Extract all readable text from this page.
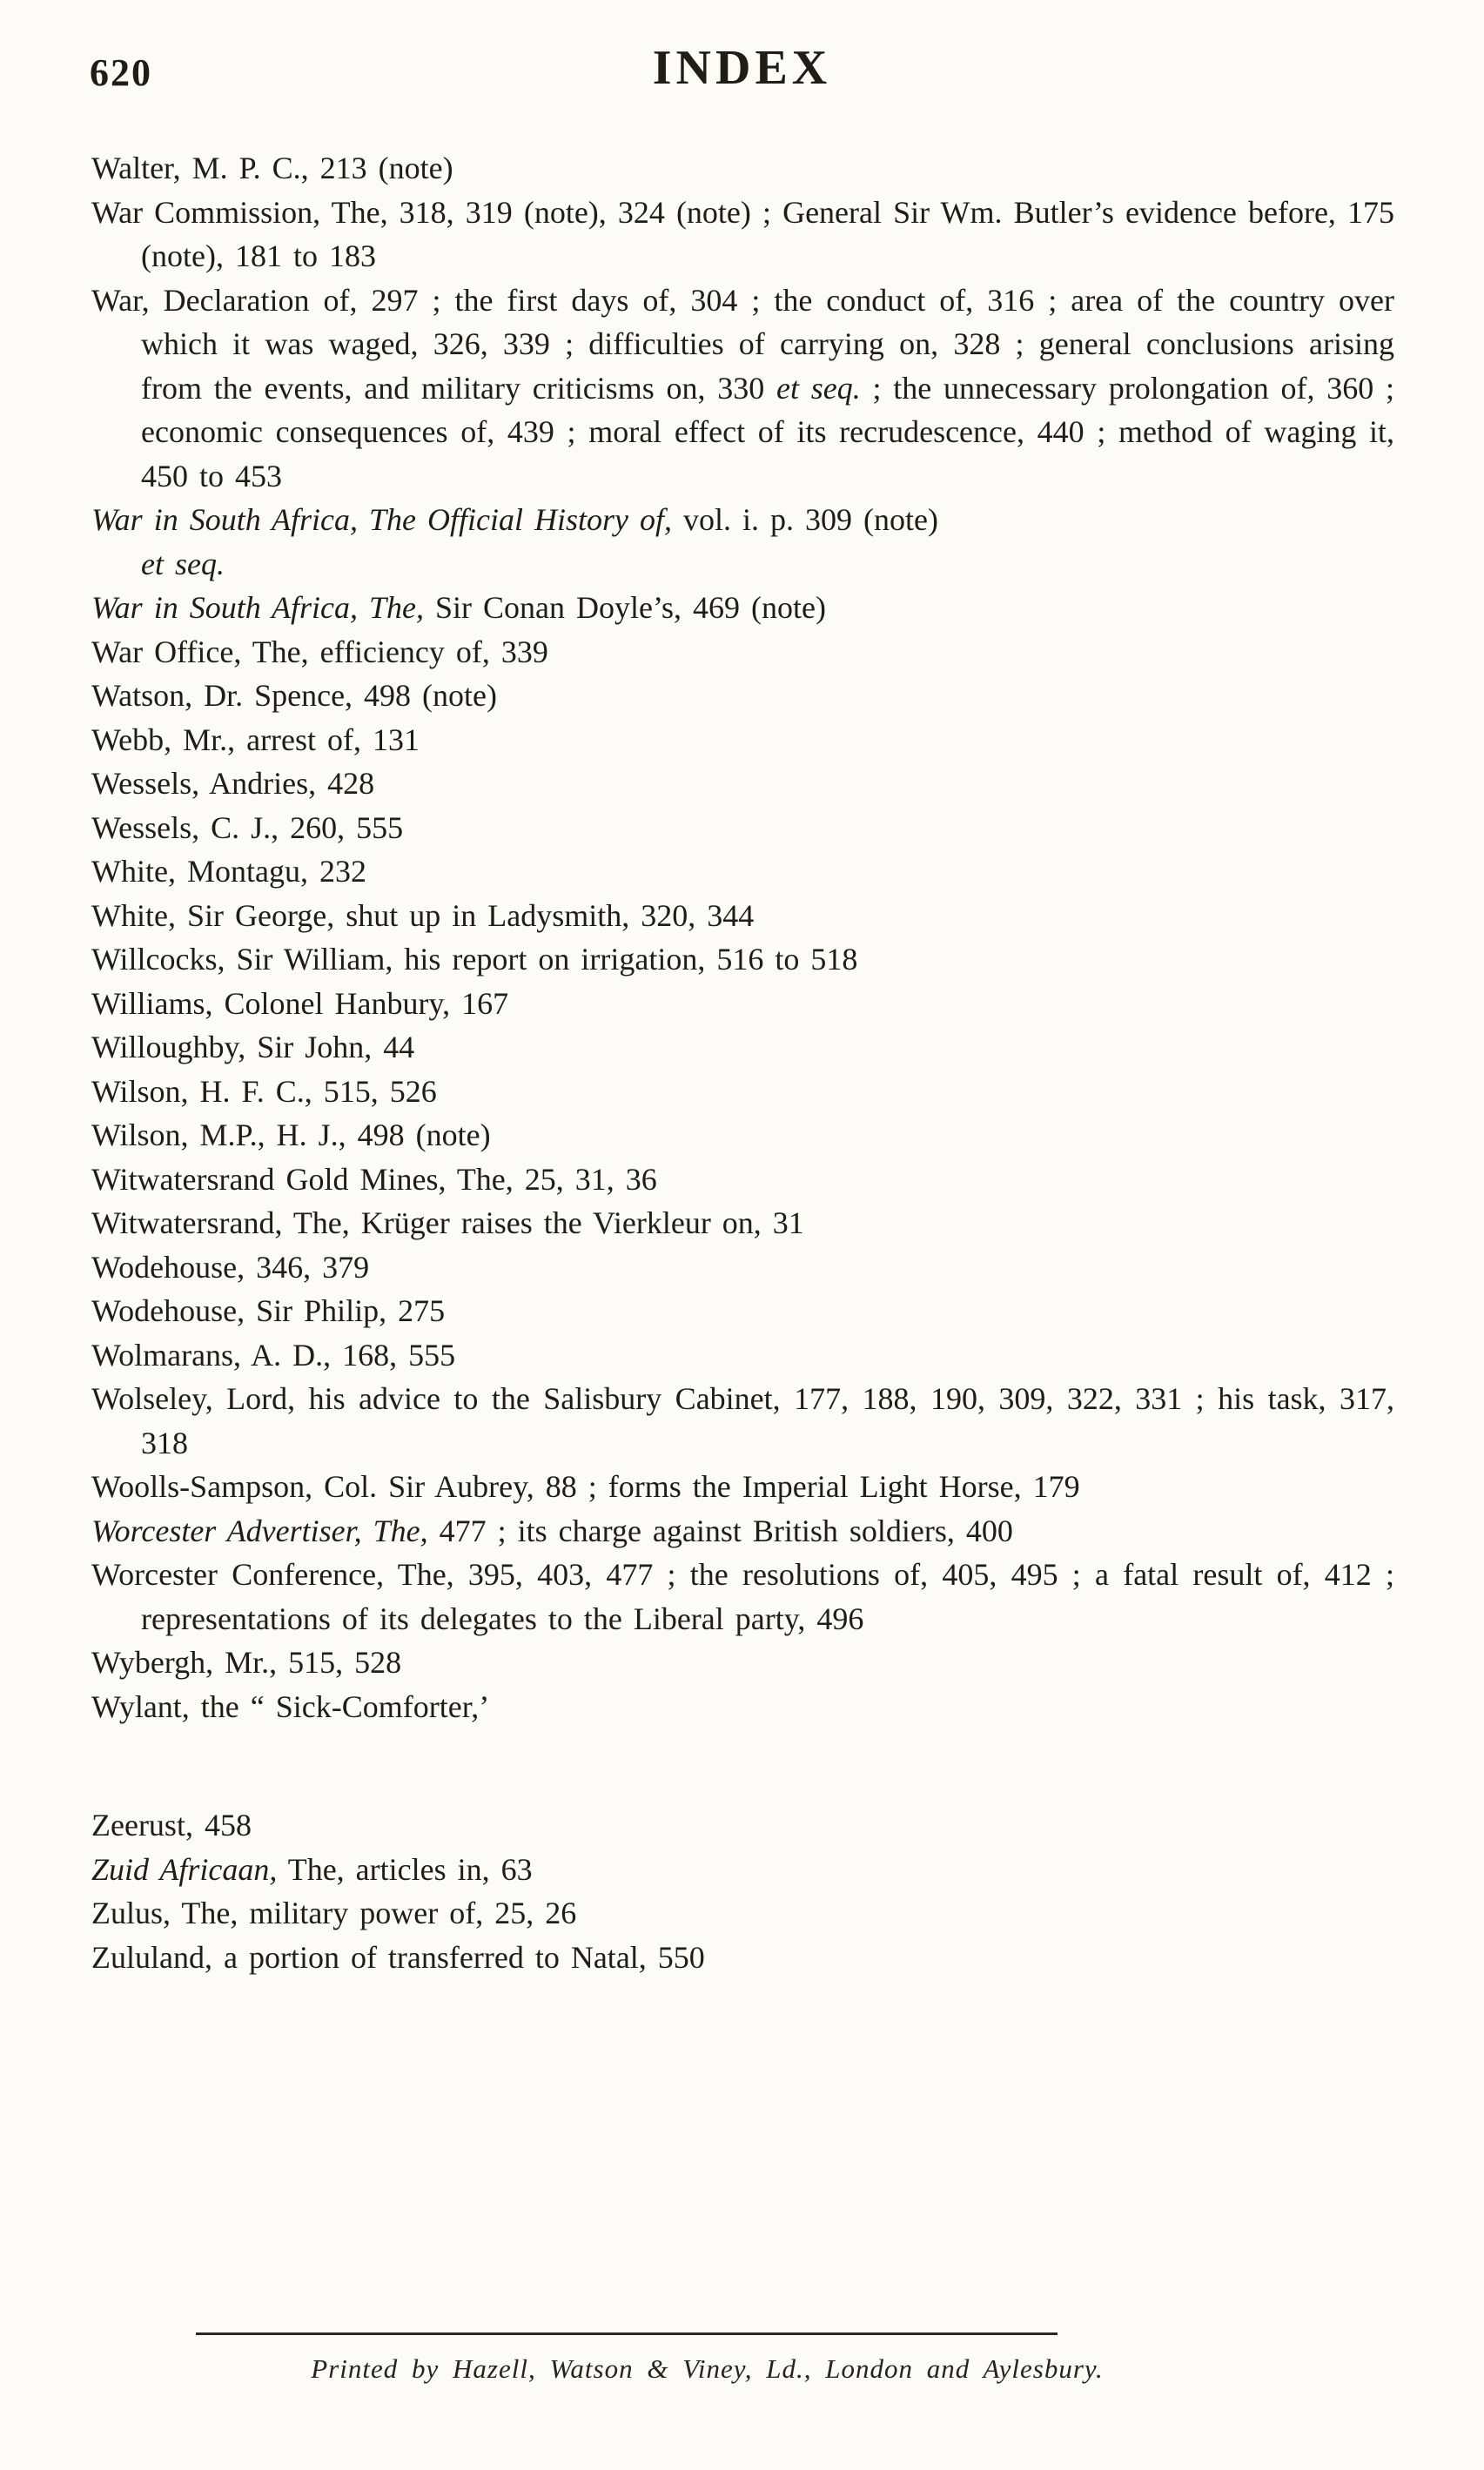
620	INDEX

Walter, M. P. C., 213 (note)

War Commission, The, 318, 319 (note), 324 (note) ; General Sir Wm. Butler’s evidence before, 175 (note), 181 to 183

War, Declaration of, 297 ; the first days of, 304 ; the conduct of, 316 ; area of the country over which it was waged, 326, 339 ; difficulties of carrying on, 328 ; general conclusions arising from the events, and military criticisms on, 330 et seq. ; the unnecessary prolongation of, 360 ; economic consequences of, 439 ; moral effect of its recrudescence, 440 ; method of waging it, 450 to 453

War in South Africa, The Official History of, vol. i. p. 309 (note)
et seq.

War in South Africa, The, Sir Conan Doyle’s, 469 (note)

War Office, The, efficiency of, 339

Watson, Dr. Spence, 498 (note)

Webb, Mr., arrest of, 131

Wessels, Andries, 428

Wessels, C. J., 260, 555

White, Montagu, 232

White, Sir George, shut up in Ladysmith, 320, 344

Willcocks, Sir William, his report on irrigation, 516 to 518

Williams, Colonel Hanbury, 167

Willoughby, Sir John, 44

Wilson, H. F. C., 515, 526

Wilson, M.P., H. J., 498 (note)

Witwatersrand Gold Mines, The, 25, 31, 36

Witwatersrand, The, Krüger raises the Vierkleur on, 31

Wodehouse, 346, 379

Wodehouse, Sir Philip, 275

Wolmarans, A. D., 168, 555

Wolseley, Lord, his advice to the Salisbury Cabinet, 177, 188, 190, 309, 322, 331 ; his task, 317, 318

Woolls-Sampson, Col. Sir Aubrey, 88 ; forms the Imperial Light Horse, 179

Worcester Advertiser, The, 477 ; its charge against British soldiers, 400

Worcester Conference, The, 395, 403, 477 ; the resolutions of, 405, 495 ; a fatal result of, 412 ; representations of its delegates to the Liberal party, 496

Wybergh, Mr., 515, 528

Wylant, the “ Sick-Comforter,’

Zeerust, 458

Zuid Africaan, The, articles in, 63

Zulus, The, military power of, 25, 26

Zululand, a portion of transferred to Natal, 550

Printed by Hazell, Watson & Viney, Ld., London and Aylesbury.
